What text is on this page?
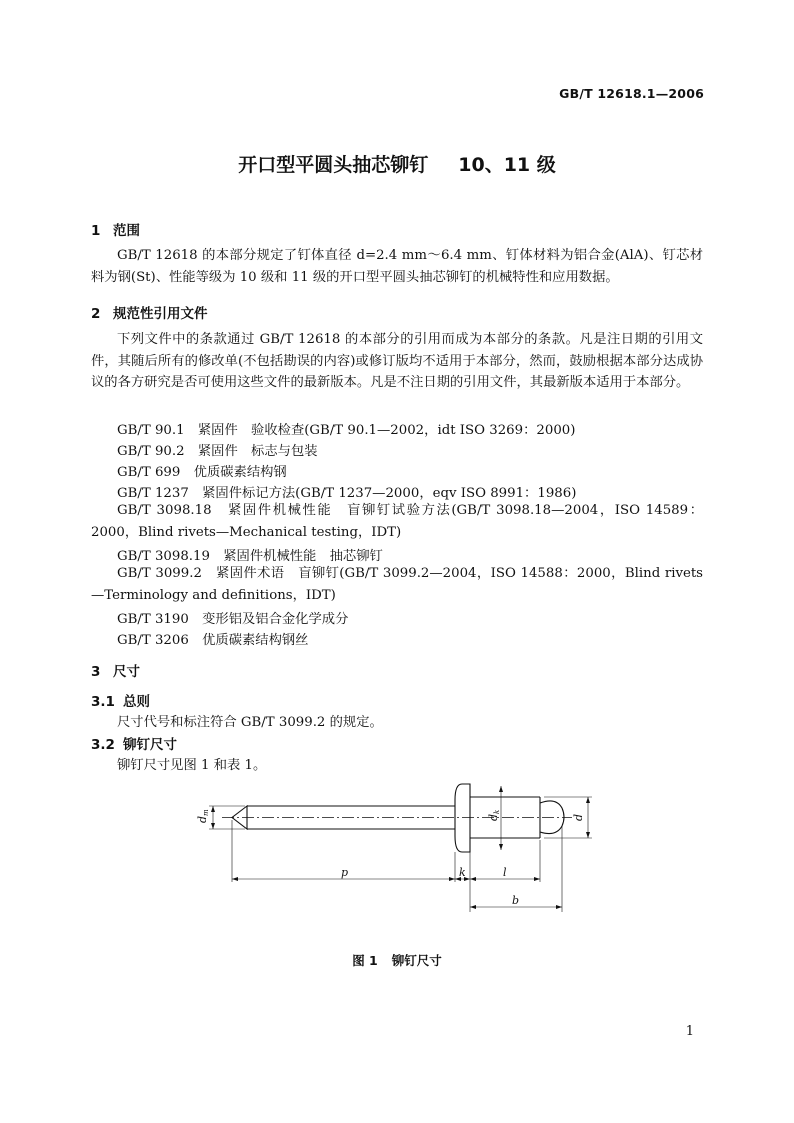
GB/T 12618.1—2006
开口型平圆头抽芯铆钉 10、11 级
1 范围
GB/T 12618 的本部分规定了钉体直径 d=2.4 mm～6.4 mm、钉体材料为铝合金(AlA)、钉芯材料为钢(St)、性能等级为 10 级和 11 级的开口型平圆头抽芯铆钉的机械特性和应用数据。
2 规范性引用文件
下列文件中的条款通过 GB/T 12618 的本部分的引用而成为本部分的条款。凡是注日期的引用文件，其随后所有的修改单(不包括勘误的内容)或修订版均不适用于本部分，然而，鼓励根据本部分达成协议的各方研究是否可使用这些文件的最新版本。凡是不注日期的引用文件，其最新版本适用于本部分。
GB/T 90.1　紧固件　验收检查(GB/T 90.1—2002，idt ISO 3269：2000)
GB/T 90.2　紧固件　标志与包装
GB/T 699　优质碳素结构钢
GB/T 1237　紧固件标记方法(GB/T 1237—2000，eqv ISO 8991：1986)
GB/T 3098.18　紧固件机械性能　盲铆钉试验方法(GB/T 3098.18—2004，ISO 14589：2000，Blind rivets—Mechanical testing，IDT)
GB/T 3098.19　紧固件机械性能　抽芯铆钉
GB/T 3099.2　紧固件术语　盲铆钉(GB/T 3099.2—2004，ISO 14588：2000，Blind rivets—Terminology and definitions，IDT)
GB/T 3190　变形铝及铝合金化学成分
GB/T 3206　优质碳素结构钢丝
3 尺寸
3.1 总则
尺寸代号和标注符合 GB/T 3099.2 的规定。
3.2 铆钉尺寸
铆钉尺寸见图 1 和表 1。
dm
dk
d
p	k	l
b
图 1 铆钉尺寸
1
